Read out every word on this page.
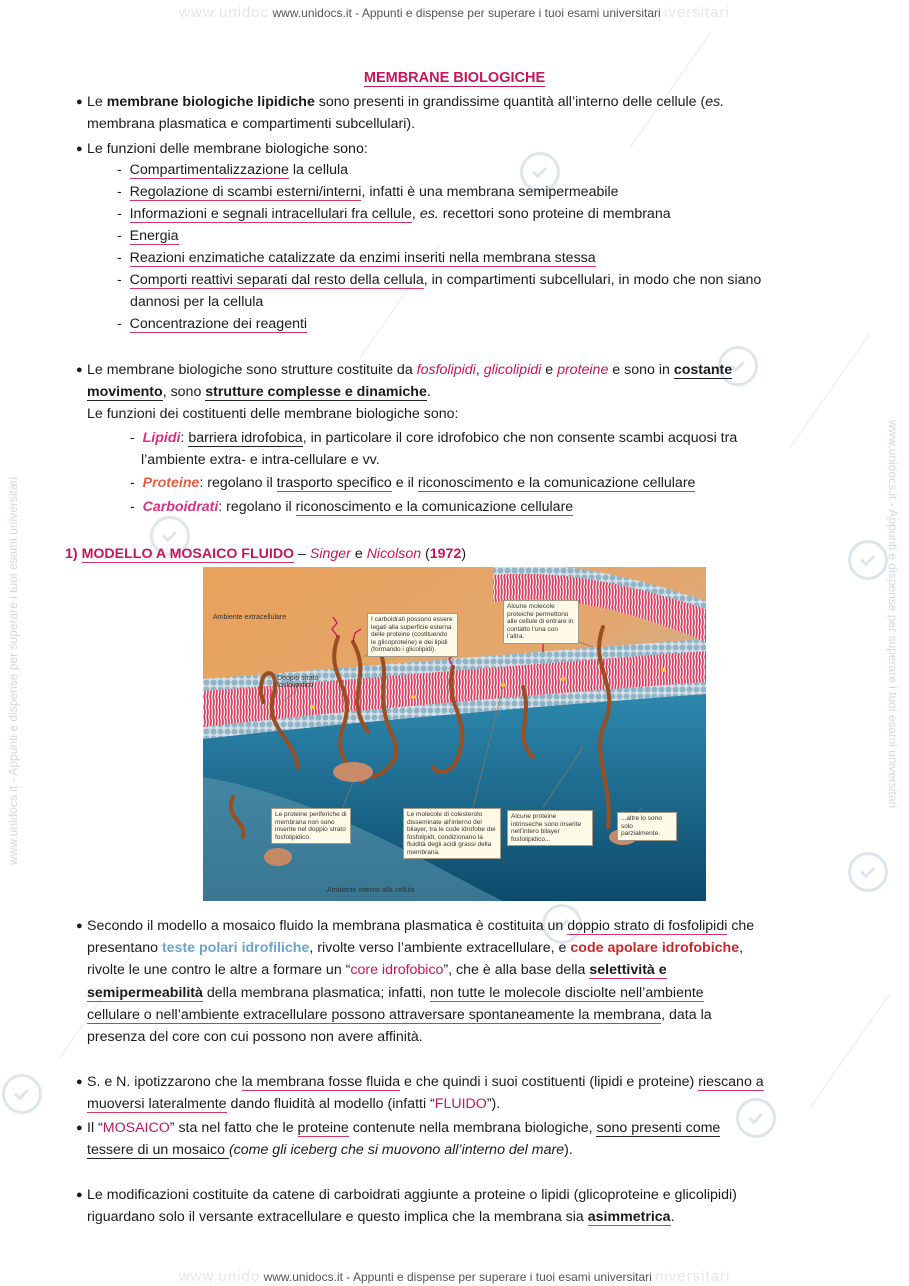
www.unidoc www.unidocs.it - Appunti e dispense per superare i tuoi esami universitari iversitari
www.unido www.unidocs.it - Appunti e dispense per superare i tuoi esami universitari niversitari
www.unidocs.it - Appunti e dispense per superare i tuoi esami universitari	www.unidocs.it - Appunti e dispense per superare i tuoi esami universitari
MEMBRANE BIOLOGICHE
● Le membrane biologiche lipidiche sono presenti in grandissime quantità all’interno delle cellule (es.
membrana plasmatica e compartimenti subcellulari).
● Le funzioni delle membrane biologiche sono:
-  Compartimentalizzazione la cellula
-  Regolazione di scambi esterni/interni, infatti è una membrana semipermeabile
-  Informazioni e segnali intracellulari fra cellule, es. recettori sono proteine di membrana
-  Energia
-  Reazioni enzimatiche catalizzate da enzimi inseriti nella membrana stessa
-  Comporti reattivi separati dal resto della cellula, in compartimenti subcellulari, in modo che non siano
dannosi per la cellula
-  Concentrazione dei reagenti
● Le membrane biologiche sono strutture costituite da fosfolipidi, glicolipidi e proteine e sono in costante
movimento, sono strutture complesse e dinamiche.
Le funzioni dei costituenti delle membrane biologiche sono:
-  Lipidi: barriera idrofobica, in particolare il core idrofobico che non consente scambi acquosi tra
l’ambiente extra- e intra-cellulare e vv.
-  Proteine: regolano il trasporto specifico e il riconoscimento e la comunicazione cellulare
-  Carboidrati: regolano il riconoscimento e la comunicazione cellulare
1) MODELLO A MOSAICO FLUIDO – Singer e Nicolson (1972)
Ambiente extracellulare
Ambiente interno alla cellula
Doppio strato fosfolipidico
I carboidrati possono essere legati alla superficie esterna delle proteine (costituendo le glicoproteine) e dei lipidi (formando i glicolipidi).
Alcune molecole proteiche permettono alle cellule di entrare in contatto l’una con l’altra.
Le proteine periferiche di membrana non sono inserite nel doppio strato fosfolipidico.
Le molecole di colesterolo disseminate all’interno del bilayer, tra le code idrofobe dei fosfolipidi, condizionano la fluidità degli acidi grassi della membrana.
Alcune proteine intrinseche sono inserite nell’intero bilayer fosfolipidico...
...altre lo sono solo parzialmente.
● Secondo il modello a mosaico fluido la membrana plasmatica è costituita un doppio strato di fosfolipidi che
presentano teste polari idrofiliche, rivolte verso l’ambiente extracellulare, e code apolare idrofobiche,
rivolte le une contro le altre a formare un “core idrofobico”, che è alla base della selettività e
semipermeabilità della membrana plasmatica; infatti, non tutte le molecole disciolte nell’ambiente
cellulare o nell’ambiente extracellulare possono attraversare spontaneamente la membrana, data la
presenza del core con cui possono non avere affinità.
● S. e N. ipotizzarono che la membrana fosse fluida e che quindi i suoi costituenti (lipidi e proteine) riescano a
muoversi lateralmente dando fluidità al modello (infatti “FLUIDO”).
● Il “MOSAICO” sta nel fatto che le proteine contenute nella membrana biologiche, sono presenti come
tessere di un mosaico (come gli iceberg che si muovono all’interno del mare).
● Le modificazioni costituite da catene di carboidrati aggiunte a proteine o lipidi (glicoproteine e glicolipidi)
riguardano solo il versante extracellulare e questo implica che la membrana sia asimmetrica.
